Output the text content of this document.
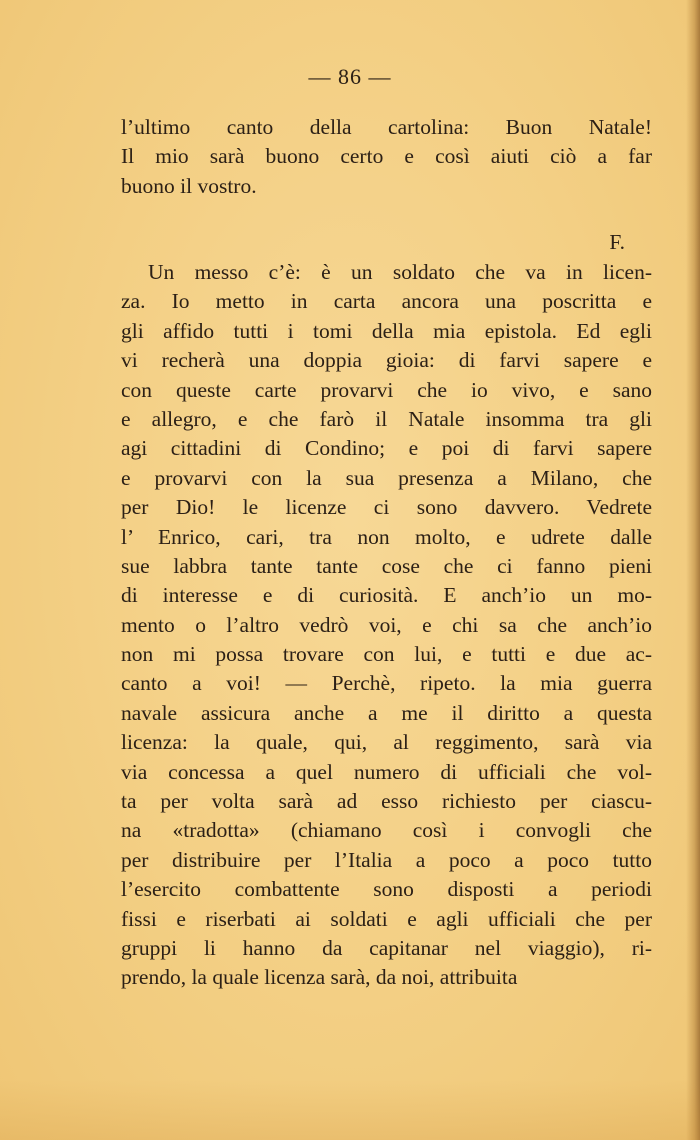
— 86 —
l’ultimo canto della cartolina: Buon Natale!
Il mio sarà buono certo e così aiuti ciò a far
buono il vostro.
F.
Un messo c’è: è un soldato che va in licen-
za. Io metto in carta ancora una poscritta e
gli affido tutti i tomi della mia epistola. Ed egli
vi recherà una doppia gioia: di farvi sapere e
con queste carte provarvi che io vivo, e sano
e allegro, e che farò il Natale insomma tra gli
agi cittadini di Condino; e poi di farvi sapere
e provarvi con la sua presenza a Milano, che
per Dio! le licenze ci sono davvero. Vedrete
l’ Enrico, cari, tra non molto, e udrete dalle
sue labbra tante tante cose che ci fanno pieni
di interesse e di curiosità. E anch’io un mo-
mento o l’altro vedrò voi, e chi sa che anch’io
non mi possa trovare con lui, e tutti e due ac-
canto a voi! — Perchè, ripeto. la mia guerra
navale assicura anche a me il diritto a questa
licenza: la quale, qui, al reggimento, sarà via
via concessa a quel numero di ufficiali che vol-
ta per volta sarà ad esso richiesto per ciascu-
na «tradotta» (chiamano così i convogli che
per distribuire per l’Italia a poco a poco tutto
l’esercito combattente sono disposti a periodi
fissi e riserbati ai soldati e agli ufficiali che per
gruppi li hanno da capitanar nel viaggio), ri-
prendo, la quale licenza sarà, da noi, attribuita
